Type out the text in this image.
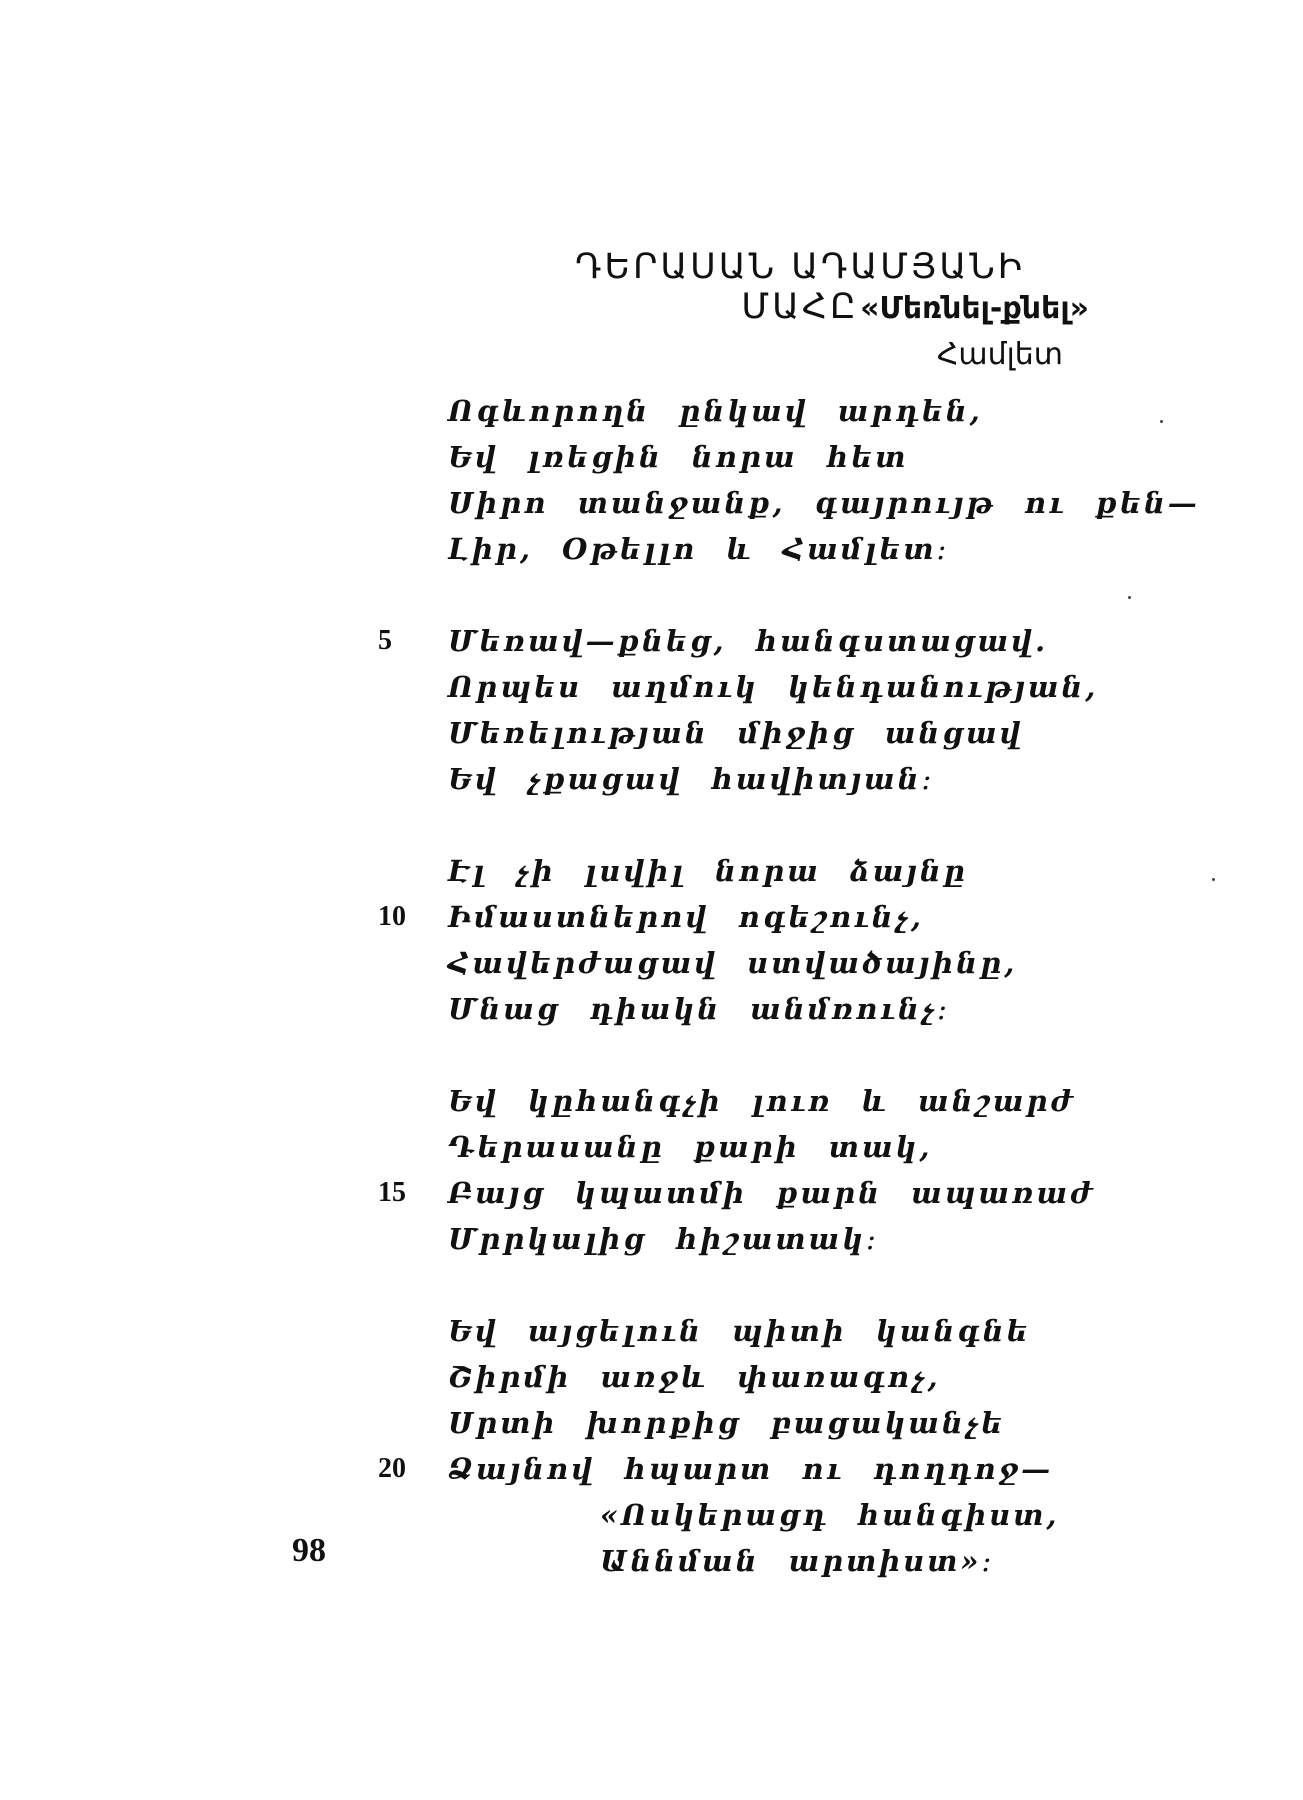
ԴԵՐԱՍԱՆ ԱԴԱՄՅԱՆԻ ՄԱՀԸ «Մեռնել-քնել»
Համլետ
Ոգևորողն ընկավ արդեն,
Եվ լռեցին նորա հետ
Սիրո տանջանք, գայրույթ ու քեն—
Լիր, Օթելլո և Համլետ։
5 Մեռավ—քնեց, հանգստացավ.
Որպես աղմուկ կենդանության,
Մեռելության միջից անցավ
Եվ չքացավ հավիտյան։
Էլ չի լսվիլ նորա ձայնը
10 Իմաստներով ոգեշունչ,
Հավերժացավ ստվածայինը,
Մնաց դիակն անմռունչ։
Եվ կըհանգչի լուռ և անշարժ
Դերասանը քարի տակ,
15 Բայց կպատմի քարն ապառաժ
Մրրկալից հիշատակ։
Եվ այցելուն պիտի կանգնե
Շիրմի առջև փառագոչ,
Սրտի խորքից բացականչե
20 Ձայնով հպարտ ու դողդոջ—
«Ոսկերացդ հանգիստ,
Աննման արտիստ»։
98
